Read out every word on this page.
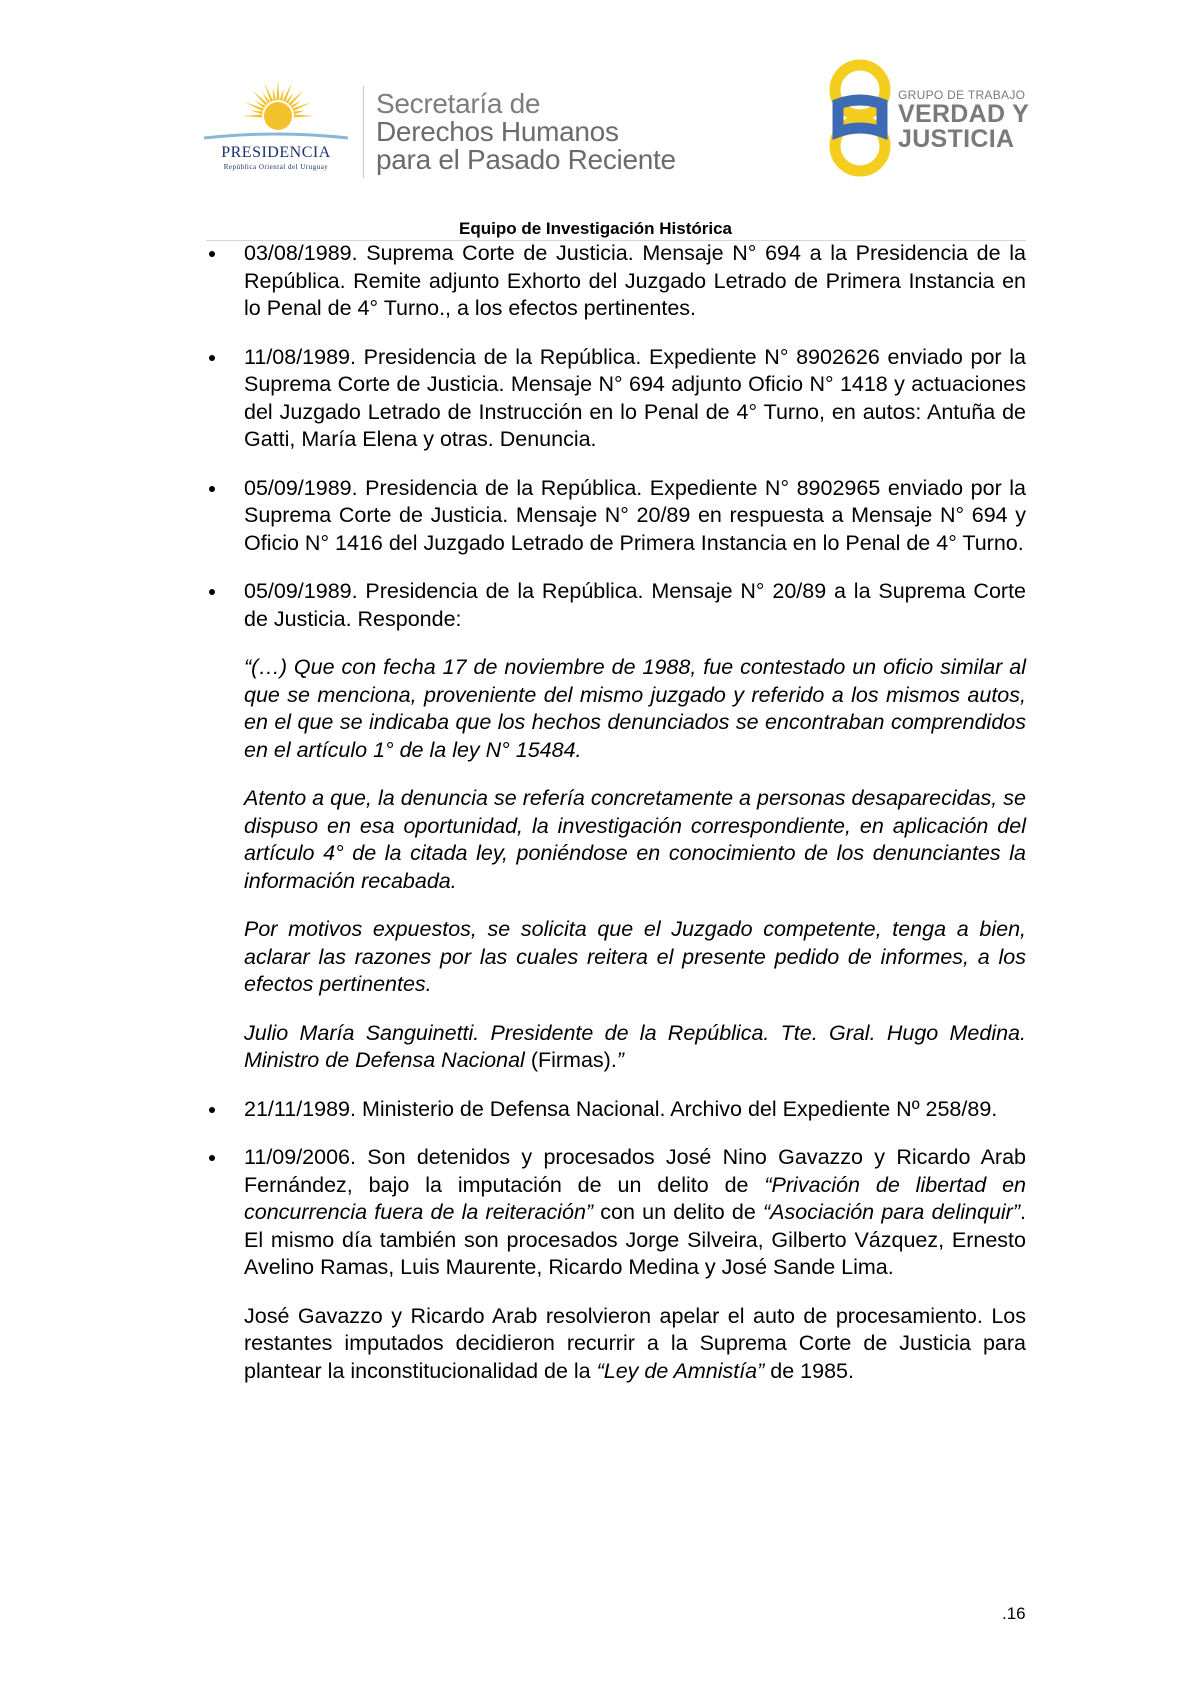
PRESIDENCIA
República Oriental del Uruguay
Secretaría de
Derechos Humanos
para el Pasado Reciente
GRUPO DE TRABAJO
VERDAD Y
JUSTICIA
Equipo de Investigación Histórica

03/08/1989. Suprema Corte de Justicia. Mensaje N° 694 a la Presidencia de la República. Remite adjunto Exhorto del Juzgado Letrado de Primera Instancia en lo Penal de 4° Turno., a los efectos pertinentes.

11/08/1989. Presidencia de la República. Expediente N° 8902626 enviado por la Suprema Corte de Justicia. Mensaje N° 694 adjunto Oficio N° 1418 y actuaciones del Juzgado Letrado de Instrucción en lo Penal de 4° Turno, en autos: Antuña de Gatti, María Elena y otras. Denuncia.

05/09/1989. Presidencia de la República. Expediente N° 8902965 enviado por la Suprema Corte de Justicia. Mensaje N° 20/89 en respuesta a Mensaje N° 694 y Oficio N° 1416 del Juzgado Letrado de Primera Instancia en lo Penal de 4° Turno.

05/09/1989. Presidencia de la República. Mensaje N° 20/89 a la Suprema Corte de Justicia. Responde:

“(…) Que con fecha 17 de noviembre de 1988, fue contestado un oficio similar al que se menciona, proveniente del mismo juzgado y referido a los mismos autos, en el que se indicaba que los hechos denunciados se encontraban comprendidos en el artículo 1° de la ley N° 15484.

Atento a que, la denuncia se refería concretamente a personas desaparecidas, se dispuso en esa oportunidad, la investigación correspondiente, en aplicación del artículo 4° de la citada ley, poniéndose en conocimiento de los denunciantes la información recabada.

Por motivos expuestos, se solicita que el Juzgado competente, tenga a bien, aclarar las razones por las cuales reitera el presente pedido de informes, a los efectos pertinentes.

Julio María Sanguinetti. Presidente de la República. Tte. Gral. Hugo Medina. Ministro de Defensa Nacional (Firmas).”

21/11/1989. Ministerio de Defensa Nacional. Archivo del Expediente Nº 258/89.

11/09/2006. Son detenidos y procesados José Nino Gavazzo y Ricardo Arab Fernández, bajo la imputación de un delito de “Privación de libertad en concurrencia fuera de la reiteración” con un delito de “Asociación para delinquir”. El mismo día también son procesados Jorge Silveira, Gilberto Vázquez, Ernesto Avelino Ramas, Luis Maurente, Ricardo Medina y José Sande Lima.

José Gavazzo y Ricardo Arab resolvieron apelar el auto de procesamiento. Los restantes imputados decidieron recurrir a la Suprema Corte de Justicia para plantear la inconstitucionalidad de la “Ley de Amnistía” de 1985.

.16
